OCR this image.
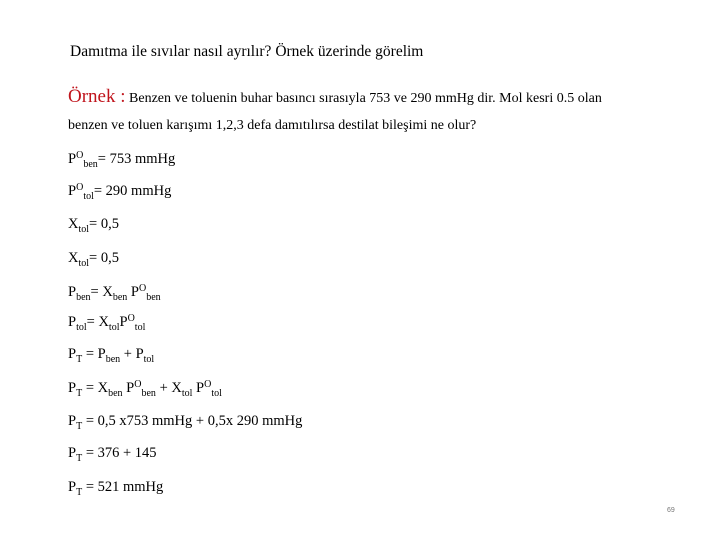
Damıtma ile sıvılar nasıl ayrılır? Örnek üzerinde görelim
Örnek : Benzen ve toluenin buhar basıncı sırasıyla 753 ve 290 mmHg dir. Mol kesri 0.5 olan
benzen ve toluen karışımı 1,2,3 defa damıtılırsa destilat bileşimi ne olur?
$P^O_{ben}= 753$ mmHg
$P^O_{tol}= 290$ mmHg
$X_{tol}= 0,5$
$X_{tol}= 0,5$
$P_{ben}= X_{ben}$ $P^O_{ben}$
$P_{tol}= X_{tol}P^O_{tol}$
$P_T = P_{ben} + P_{tol}$
$P_T = X_{ben}$ $P^O_{ben} + X_{tol}$ $P^O_{tol}$
$P_T = 0,5$ x753 mmHg + 0,5x 290 mmHg
$P_T = 376 + 145$
$P_T = 521$ mmHg
69
